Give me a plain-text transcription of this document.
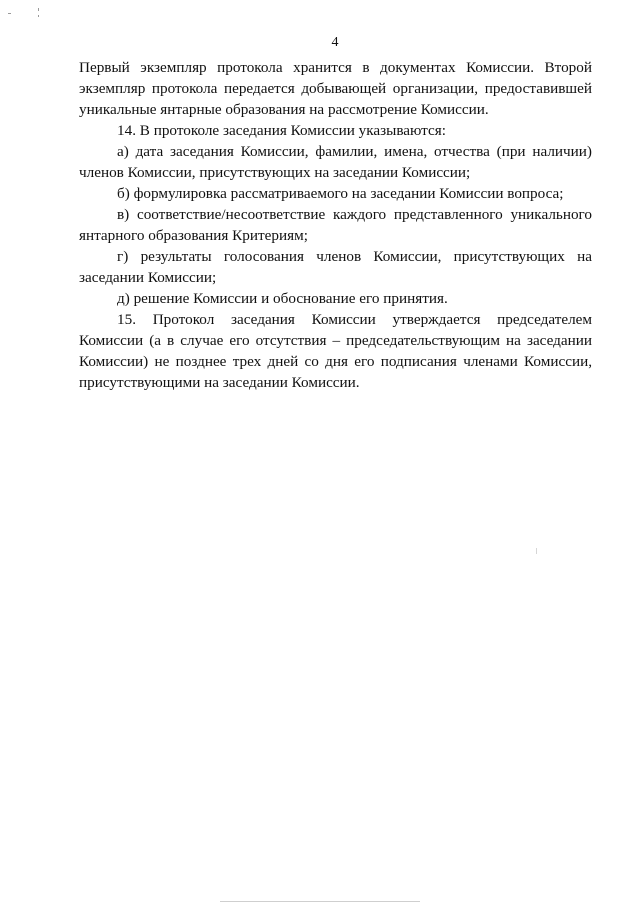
4

Первый экземпляр протокола хранится в документах Комиссии. Второй экземпляр протокола передается добывающей организации, предоставившей уникальные янтарные образования на рассмотрение Комиссии.

14. В протоколе заседания Комиссии указываются:

а) дата заседания Комиссии, фамилии, имена, отчества (при наличии) членов Комиссии, присутствующих на заседании Комиссии;

б) формулировка рассматриваемого на заседании Комиссии вопроса;

в) соответствие/несоответствие каждого представленного уникального янтарного образования Критериям;

г) результаты голосования членов Комиссии, присутствующих на заседании Комиссии;

д) решение Комиссии и обоснование его принятия.

15. Протокол заседания Комиссии утверждается председателем Комиссии (а в случае его отсутствия – председательствующим на заседании Комиссии) не позднее трех дней со дня его подписания членами Комиссии, присутствующими на заседании Комиссии.
